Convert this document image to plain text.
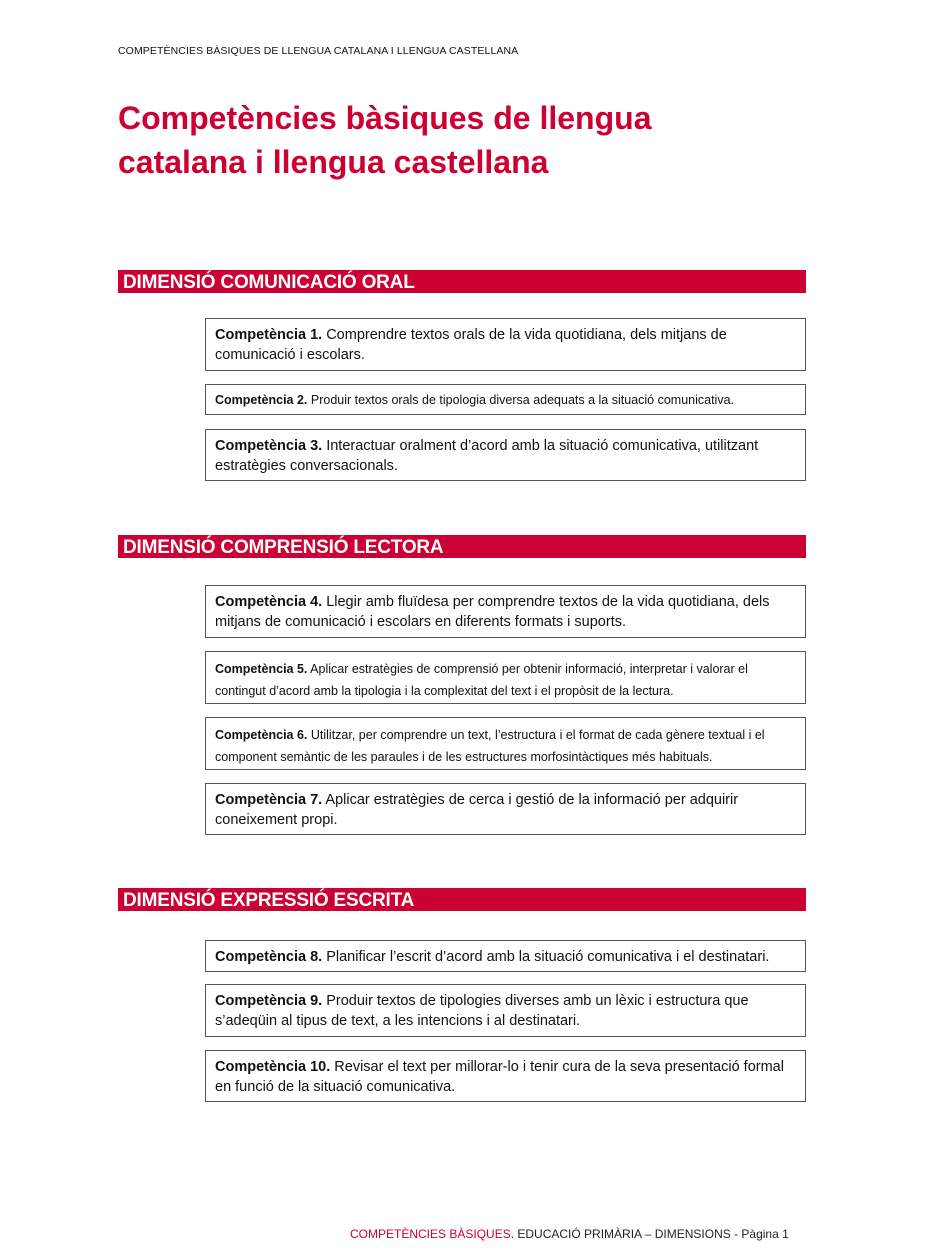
COMPETÈNCIES BÀSIQUES DE LLENGUA CATALANA I LLENGUA CASTELLANA
Competències bàsiques de llengua
catalana i llengua castellana
DIMENSIÓ COMUNICACIÓ ORAL
Competència 1. Comprendre textos orals de la vida quotidiana, dels mitjans de comunicació i escolars.
Competència 2. Produir textos orals de tipologia diversa adequats a la situació comunicativa.
Competència 3. Interactuar oralment d’acord amb la situació comunicativa, utilitzant estratègies conversacionals.
DIMENSIÓ COMPRENSIÓ LECTORA
Competència 4. Llegir amb fluïdesa per comprendre textos de la vida quotidiana, dels mitjans de comunicació i escolars en diferents formats i suports.
Competència 5. Aplicar estratègies de comprensió per obtenir informació, interpretar i valorar el contingut d’acord amb la tipologia i la complexitat del text i el propòsit de la lectura.
Competència 6. Utilitzar, per comprendre un text, l’estructura i el format de cada gènere textual i el component semàntic de les paraules i de les estructures morfosintàctiques més habituals.
Competència 7. Aplicar estratègies de cerca i gestió de la informació per adquirir coneixement propi.
DIMENSIÓ EXPRESSIÓ ESCRITA
Competència 8. Planificar l’escrit d’acord amb la situació comunicativa i el destinatari.
Competència 9. Produir textos de tipologies diverses amb un lèxic i estructura que s’adeqüin al tipus de text, a les intencions i al destinatari.
Competència 10. Revisar el text per millorar-lo i tenir cura de la seva presentació formal en funció de la situació comunicativa.
COMPETÈNCIES BÀSIQUES. EDUCACIÓ PRIMÀRIA – DIMENSIONS - Pàgina 1
